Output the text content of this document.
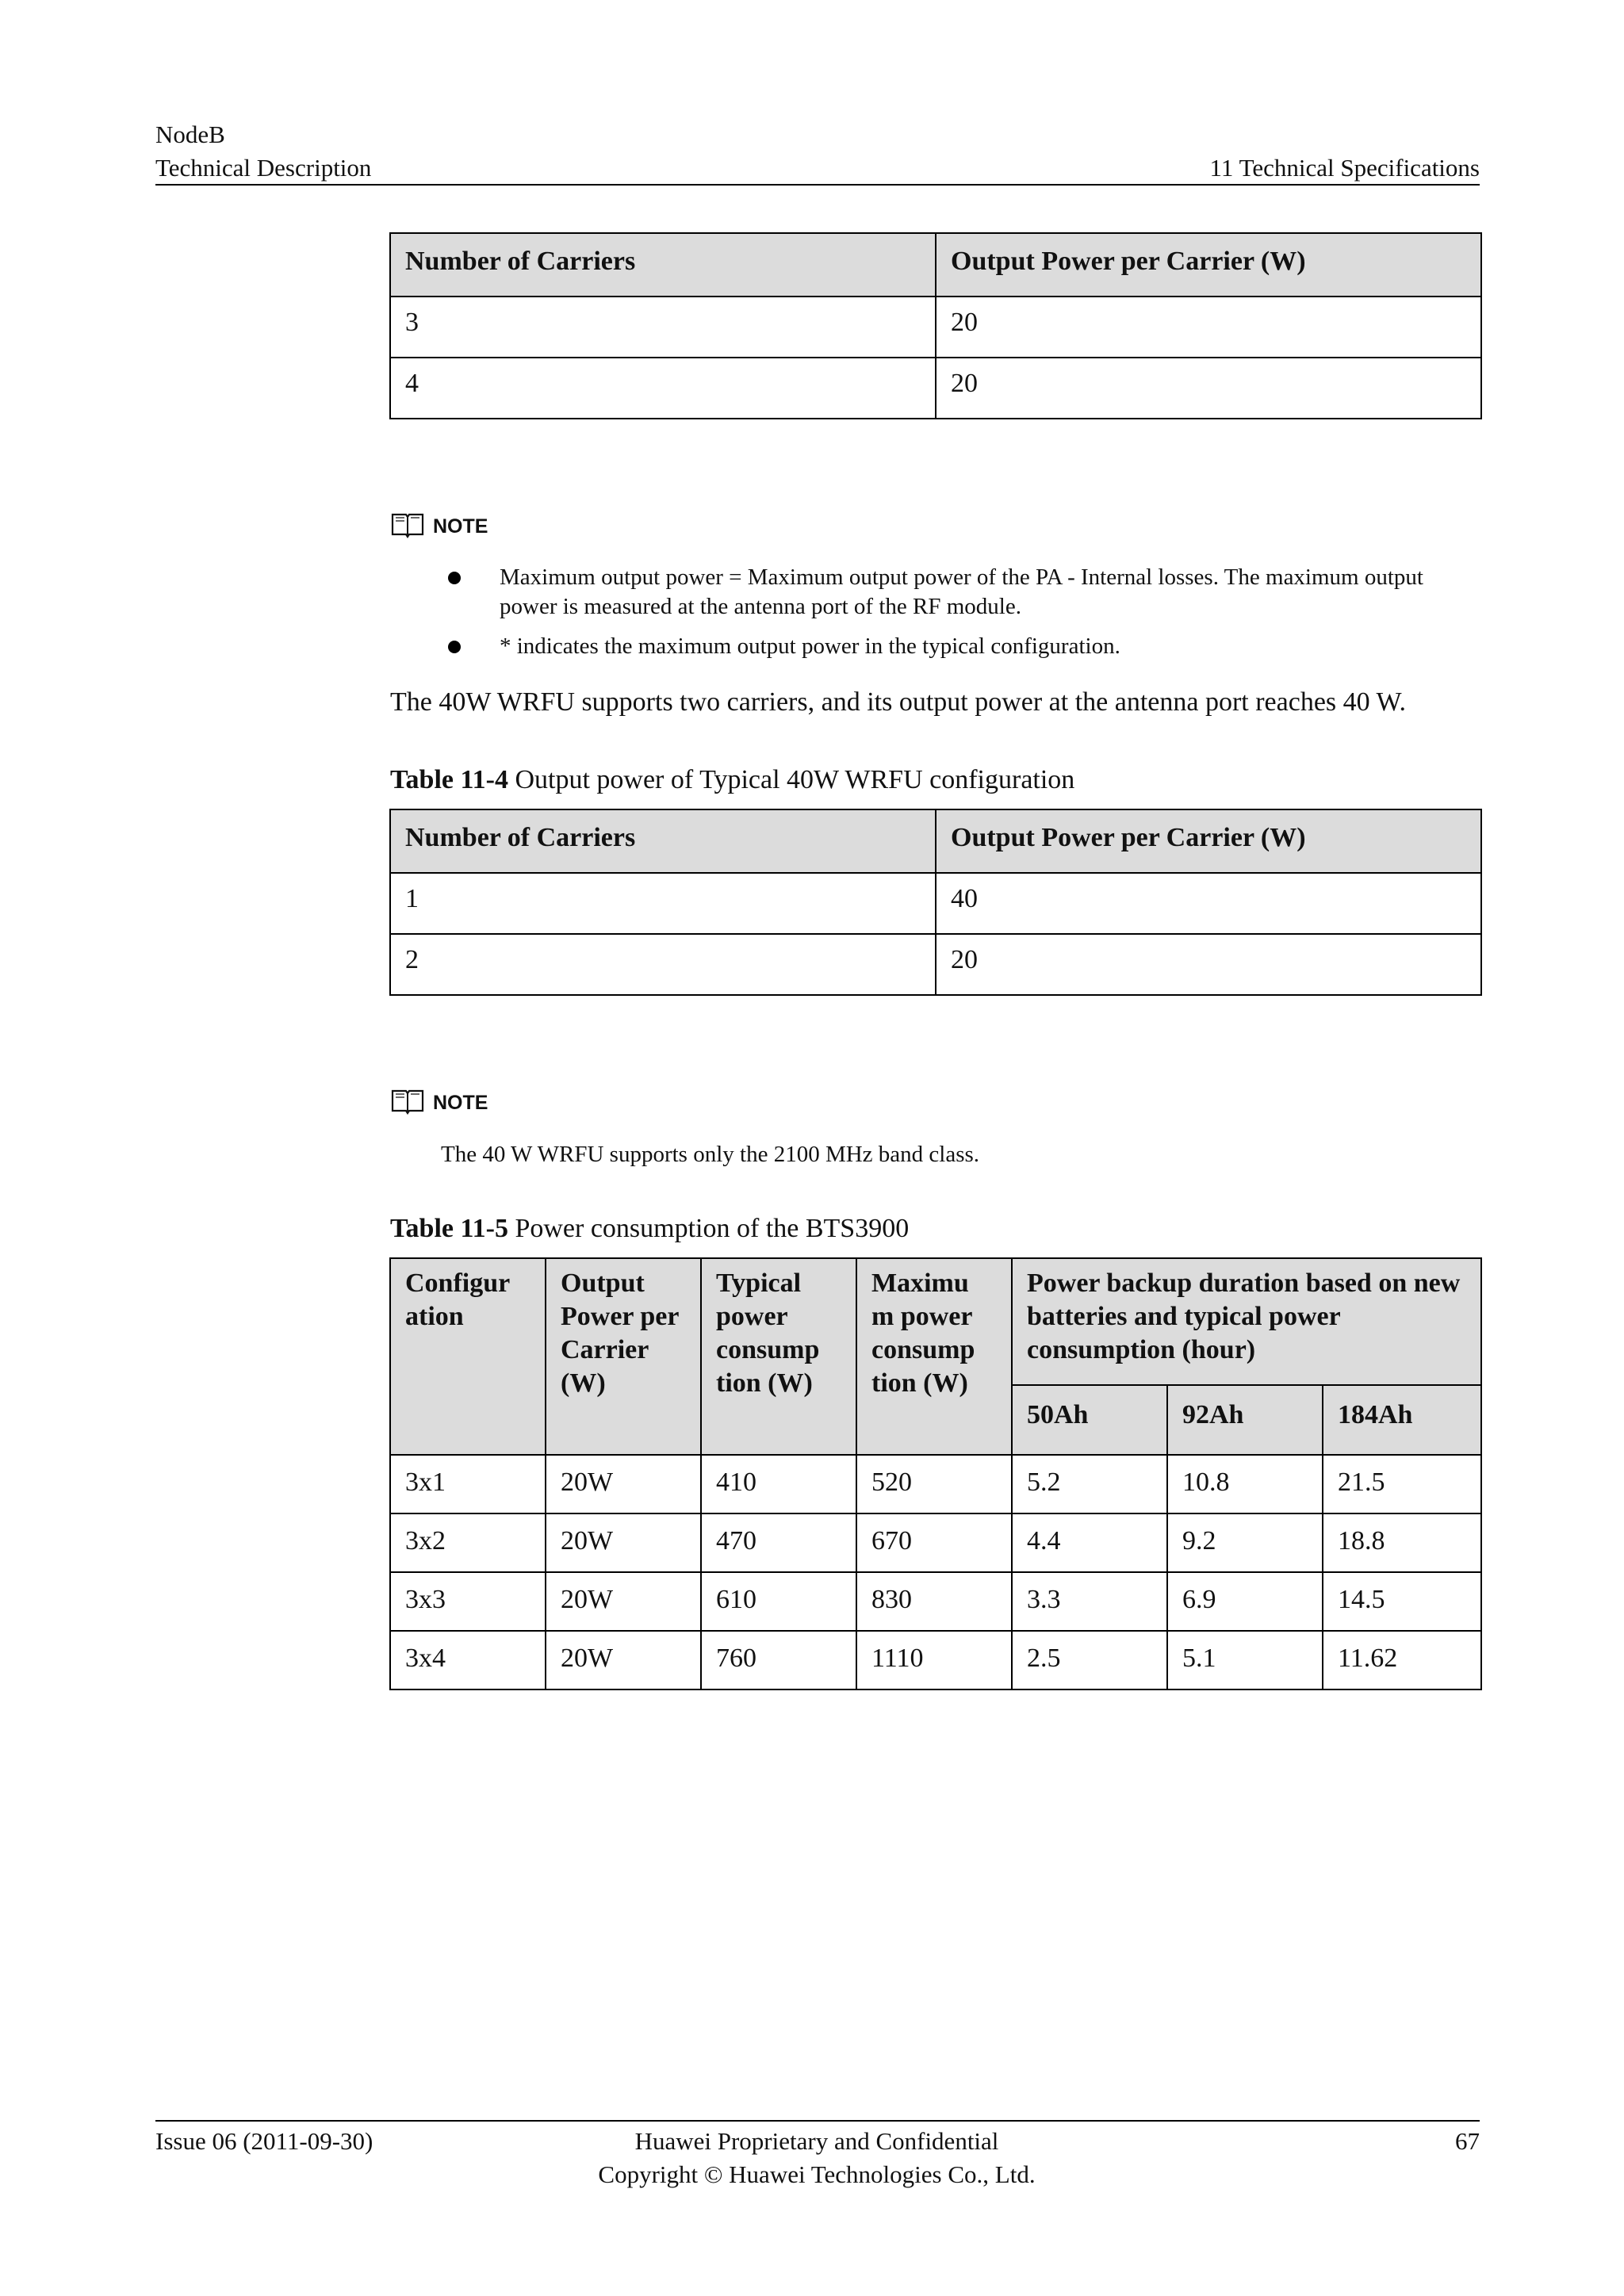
NodeB
Technical Description	11 Technical Specifications
Number of Carriers	Output Power per Carrier (W)
3	20
4	20
NOTE
Maximum output power = Maximum output power of the PA - Internal losses. The maximum output power is measured at the antenna port of the RF module.
* indicates the maximum output power in the typical configuration.
The 40W WRFU supports two carriers, and its output power at the antenna port reaches 40 W.
Table 11-4 Output power of Typical 40W WRFU configuration
Number of Carriers	Output Power per Carrier (W)
1	40
2	20
NOTE
The 40 W WRFU supports only the 2100 MHz band class.
Table 11-5 Power consumption of the BTS3900
Configur ation	Output Power per Carrier (W)	Typical power consump tion (W)	Maximu m power consump tion (W)	Power backup duration based on new batteries and typical power consumption (hour)		
				50Ah	92Ah	184Ah
3x1	20W	410	520	5.2	10.8	21.5
3x2	20W	470	670	4.4	9.2	18.8
3x3	20W	610	830	3.3	6.9	14.5
3x4	20W	760	1110	2.5	5.1	11.62
Issue 06 (2011-09-30)	Huawei Proprietary and Confidential
Copyright © Huawei Technologies Co., Ltd.
67
